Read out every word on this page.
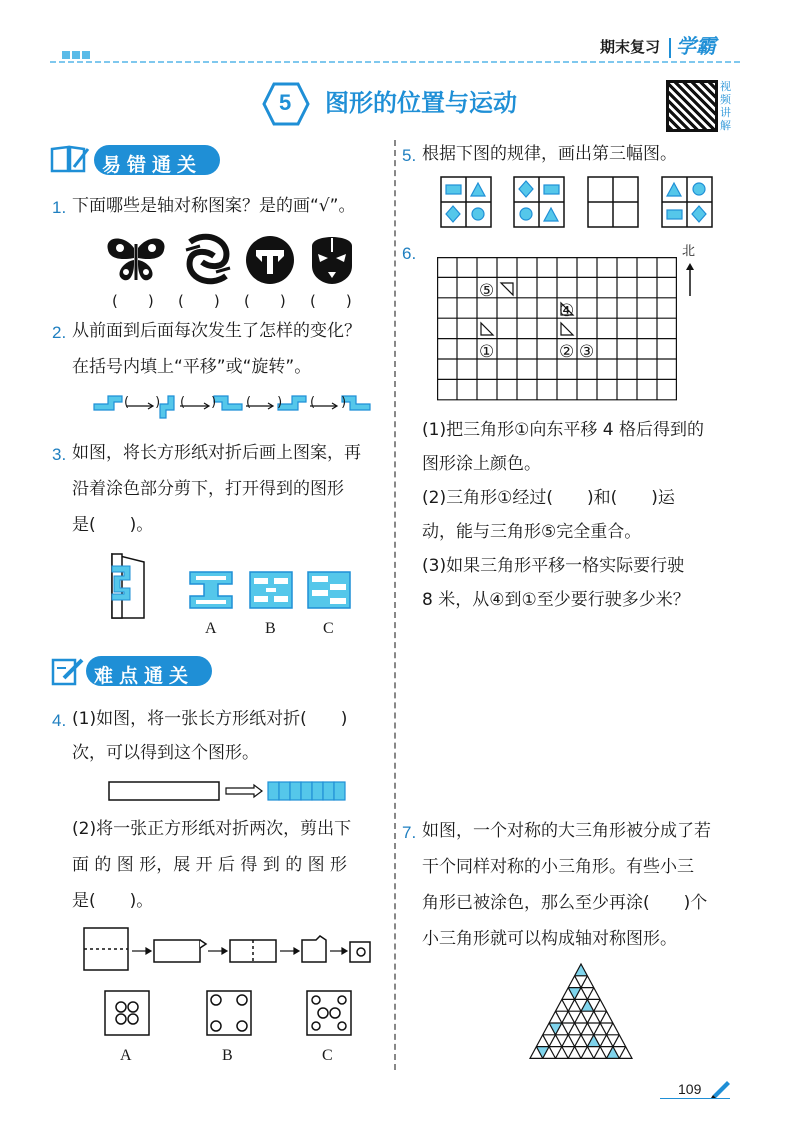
期末复习 学霸
5 图形的位置与运动
视频讲解
易错通关
1. 下面哪些是轴对称图案？是的画“√”。
(　　) (　　) (　　) (　　)
2. 从前面到后面每次发生了怎样的变化？
在括号内填上“平移”或“旋转”。
(　　) (　　) (　　) (　　)
3. 如图，将长方形纸对折后画上图案，再
沿着涂色部分剪下，打开得到的图形
是(　　)。
A	B	C
难点通关
4. (1)如图，将一张长方形纸对折(　　)
次，可以得到这个图形。
(2)将一张正方形纸对折两次，剪出下
面 的 图 形，展 开 后 得 到 的 图 形
是(　　)。
A	B	C
5. 根据下图的规律，画出第三幅图。
6.
⑤
④
①	② ③
北
(1)把三角形①向东平移 4 格后得到的
图形涂上颜色。
(2)三角形①经过(　　)和(　　)运
动，能与三角形⑤完全重合。
(3)如果三角形平移一格实际要行驶
8 米，从④到①至少要行驶多少米？
7. 如图，一个对称的大三角形被分成了若
干个同样对称的小三角形。有些小三
角形已被涂色，那么至少再涂(　　)个
小三角形就可以构成轴对称图形。
109
